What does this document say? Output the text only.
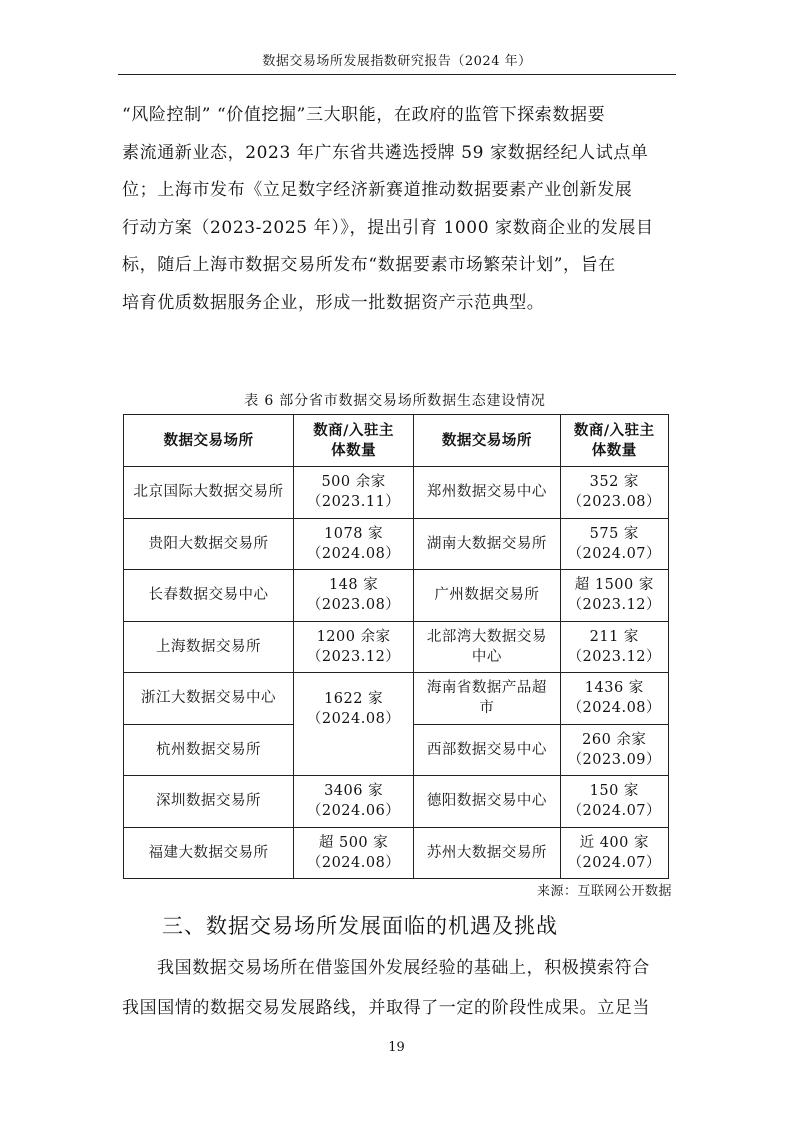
数据交易场所发展指数研究报告（2024 年）
“风险控制” “价值挖掘”三大职能，在政府的监管下探索数据要
素流通新业态，2023 年广东省共遴选授牌 59 家数据经纪人试点单
位；上海市发布《立足数字经济新赛道推动数据要素产业创新发展
行动方案（2023-2025 年）》，提出引育 1000 家数商企业的发展目
标，随后上海市数据交易所发布“数据要素市场繁荣计划”，旨在
培育优质数据服务企业，形成一批数据资产示范典型。
表 6 部分省市数据交易场所数据生态建设情况
数据交易场所	数商/入驻主
体数量	数据交易场所	数商/入驻主
体数量

北京国际大数据交易所	500 余家
（2023.11）	郑州数据交易中心	352 家
（2023.08）

贵阳大数据交易所	1078 家
（2024.08）	湖南大数据交易所	575 家
（2024.07）

长春数据交易中心	148 家
（2023.08）	广州数据交易所	超 1500 家
（2023.12）

上海数据交易所	1200 余家
（2023.12）	北部湾大数据交易
中心	211 家
（2023.12）

浙江大数据交易中心	1622 家
（2024.08）	海南省数据产品超
市	1436 家
（2024.08）

杭州数据交易所		西部数据交易中心	260 余家
（2023.09）

深圳数据交易所	3406 家
（2024.06）	德阳数据交易中心	150 家
（2024.07）

福建大数据交易所	超 500 家
（2024.08）	苏州大数据交易所	近 400 家
（2024.07）
来源：互联网公开数据
三、数据交易场所发展面临的机遇及挑战
我国数据交易场所在借鉴国外发展经验的基础上，积极摸索符合
我国国情的数据交易发展路线，并取得了一定的阶段性成果。立足当
19
